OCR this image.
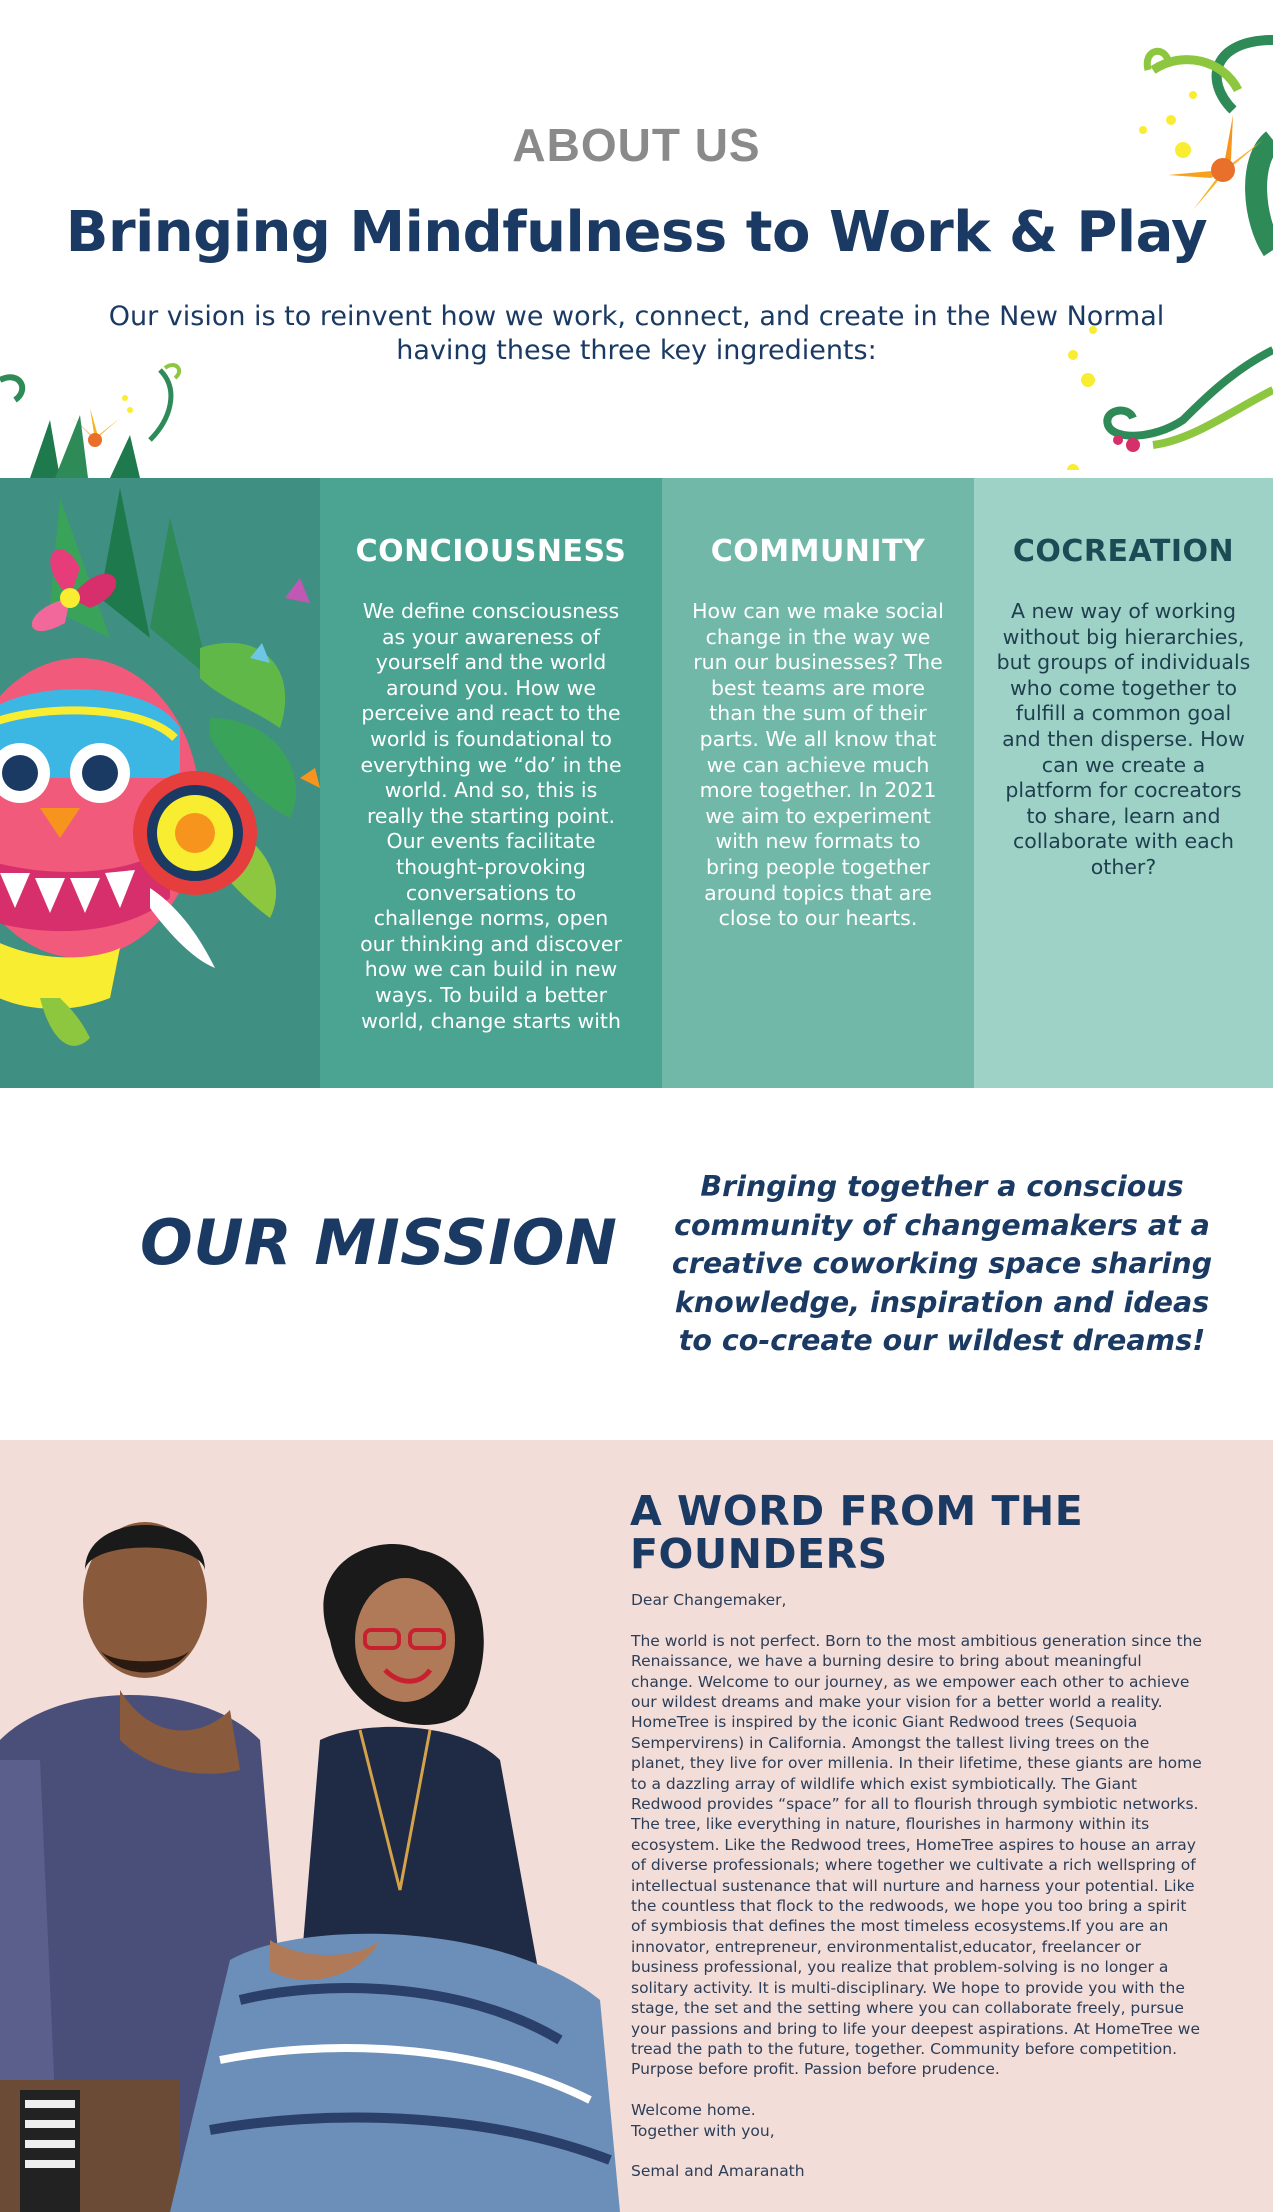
ABOUT US
Bringing Mindfulness to Work & Play
Our vision is to reinvent how we work, connect, and create in the New Normal
having these three key ingredients:
CONCIOUSNESS

We define consciousness as your awareness of yourself and the world around you. How we perceive and react to the world is foundational to everything we “do’ in the world. And so, this is really the starting point. Our events facilitate thought-provoking conversations to challenge norms, open our thinking and discover how we can build in new ways. To build a better world, change starts with

COMMUNITY

How can we make social change in the way we run our businesses? The best teams are more than the sum of their parts. We all know that we can achieve much more together. In 2021 we aim to experiment with new formats to bring people together around topics that are close to our hearts.

COCREATION

A new way of working without big hierarchies, but groups of individuals who come together to fulfill a common goal and then disperse. How can we create a platform for cocreators to share, learn and collaborate with each other?

OUR MISSION

Bringing together a conscious community of changemakers at a creative coworking space sharing knowledge, inspiration and ideas to co-create our wildest dreams!

A WORD FROM THE FOUNDERS

Dear Changemaker,

The world is not perfect. Born to the most ambitious generation since the Renaissance, we have a burning desire to bring about meaningful change. Welcome to our journey, as we empower each other to achieve our wildest dreams and make your vision for a better world a reality. HomeTree is inspired by the iconic Giant Redwood trees (Sequoia Sempervirens) in California. Amongst the tallest living trees on the planet, they live for over millenia. In their lifetime, these giants are home to a dazzling array of wildlife which exist symbiotically. The Giant Redwood provides “space” for all to flourish through symbiotic networks. The tree, like everything in nature, flourishes in harmony within its ecosystem. Like the Redwood trees, HomeTree aspires to house an array of diverse professionals; where together we cultivate a rich wellspring of intellectual sustenance that will nurture and harness your potential. Like the countless that flock to the redwoods, we hope you too bring a spirit of symbiosis that defines the most timeless ecosystems.If you are an innovator, entrepreneur, environmentalist,educator, freelancer or business professional, you realize that problem-solving is no longer a solitary activity. It is multi-disciplinary. We hope to provide you with the stage, the set and the setting where you can collaborate freely, pursue your passions and bring to life your deepest aspirations. At HomeTree we tread the path to the future, together. Community before competition. Purpose before profit. Passion before prudence.

Welcome home.

Together with you,

Semal and Amaranath
